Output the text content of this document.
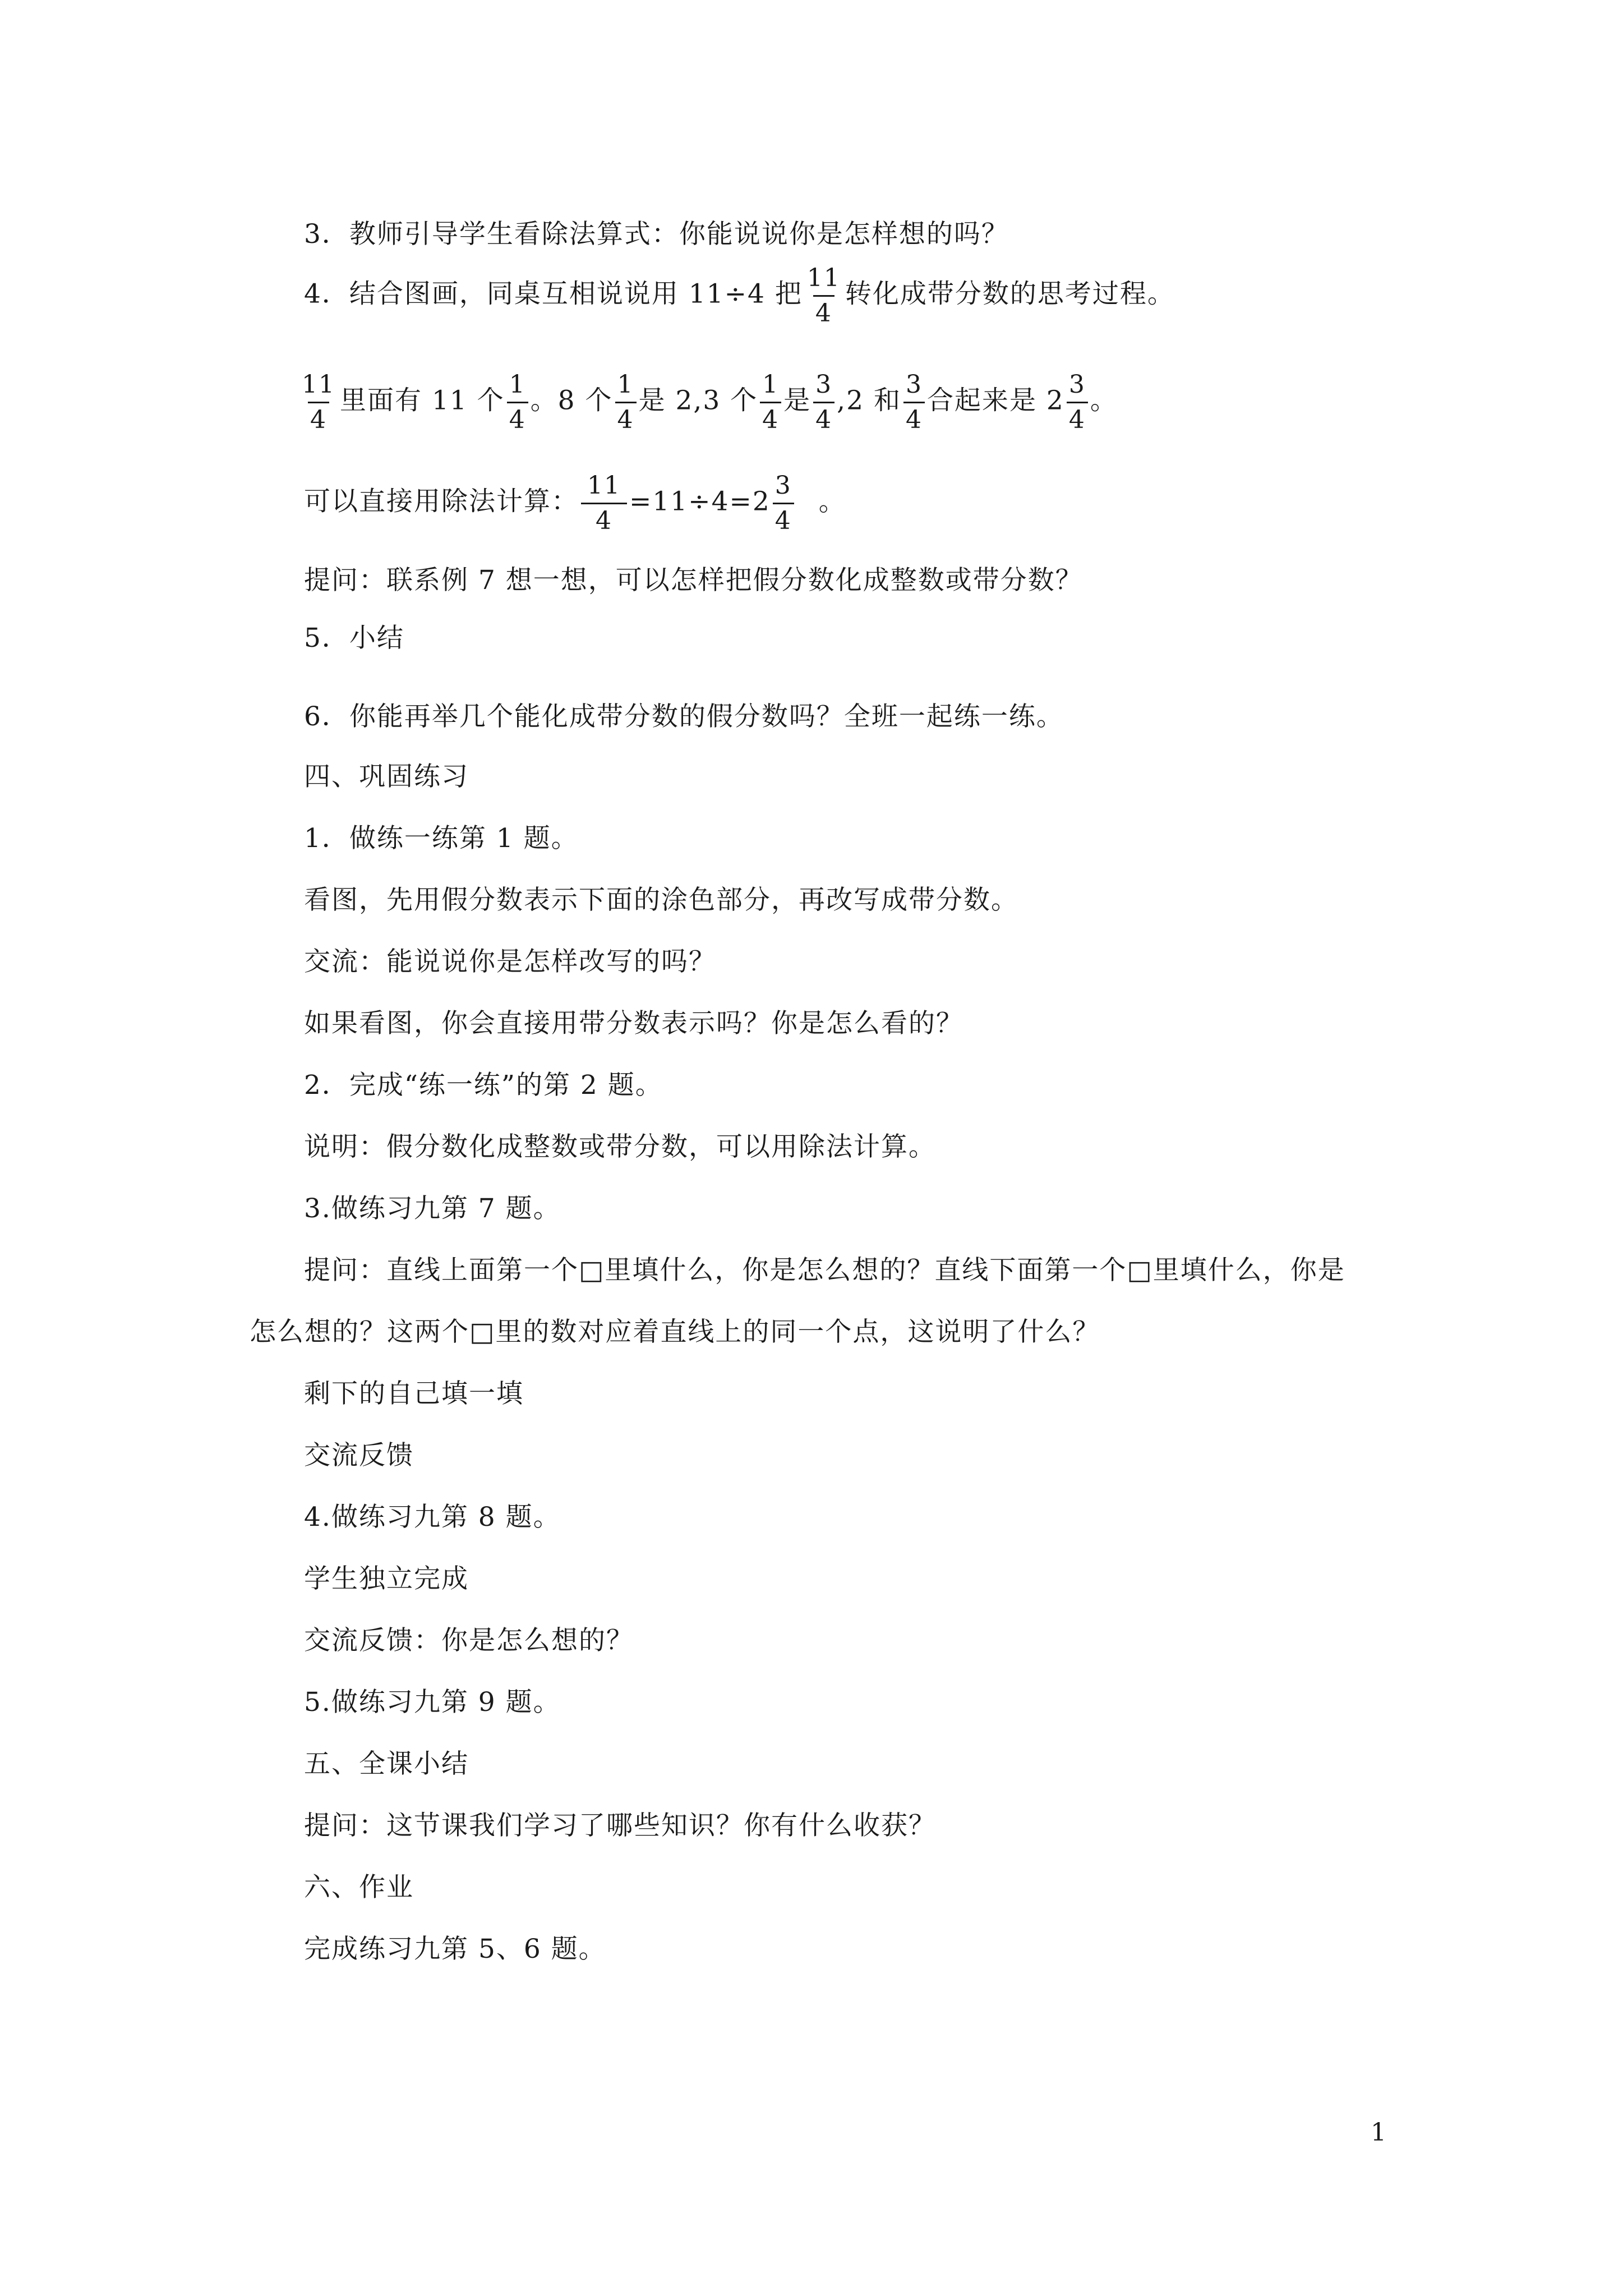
3．教师引导学生看除法算式：你能说说你是怎样想的吗？
4．结合图画，同桌互相说说用 11÷4 把 $\frac{11}{4}$ 转化成带分数的思考过程。
$\frac{11}{4}$ 里面有 11 个 $\frac{1}{4}$ 。8 个 $\frac{1}{4}$ 是 2,3 个 $\frac{1}{4}$ 是 $\frac{3}{4} ,2$ 和 $\frac{3}{4}$ 合起来是 $2 \frac{3}{4}$ 。
可以直接用除法计算： $\frac{11}{4} =11\div 4=2 \frac{3}{4}$ 。
提问：联系例 7 想一想，可以怎样把假分数化成整数或带分数？
5．小结
6．你能再举几个能化成带分数的假分数吗？全班一起练一练。
四、巩固练习
1．做练一练第 1 题。
看图，先用假分数表示下面的涂色部分，再改写成带分数。
交流：能说说你是怎样改写的吗？
如果看图，你会直接用带分数表示吗？你是怎么看的？
2．完成“练一练”的第 2 题。
说明：假分数化成整数或带分数，可以用除法计算。
3.做练习九第 7 题。
提问：直线上面第一个□里填什么，你是怎么想的？直线下面第一个□里填什么，你是
怎么想的？这两个□里的数对应着直线上的同一个点，这说明了什么？
剩下的自己填一填
交流反馈
4.做练习九第 8 题。
学生独立完成
交流反馈：你是怎么想的？
5.做练习九第 9 题。
五、全课小结
提问：这节课我们学习了哪些知识？你有什么收获？
六、作业
完成练习九第 5、6 题。
1
